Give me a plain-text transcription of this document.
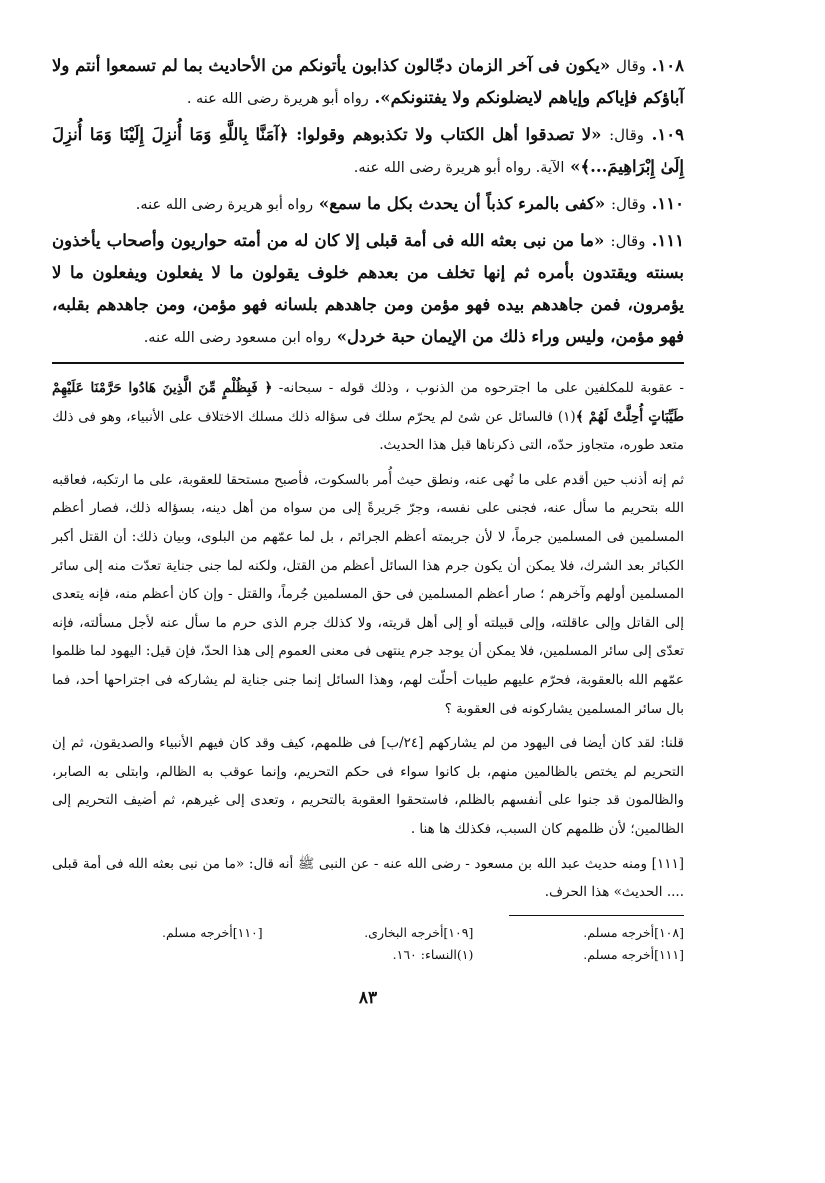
١٠٨. وقال «يكون فى آخر الزمان دجّالون كذابون يأتونكم من الأحاديث بما لم تسمعوا أنتم ولا آباؤكم فإياكم وإياهم لايضلونكم ولا يفتنونكم». رواه أبو هريرة رضى الله عنه .

١٠٩. وقال: «لا تصدقوا أهل الكتاب ولا تكذبوهم وقولوا: ﴿آمَنَّا بِاللَّهِ وَمَا أُنزِلَ إِلَيْنَا وَمَا أُنزِلَ إِلَىٰ إِبْرَاهِيمَ...﴾» الآية. رواه أبو هريرة رضى الله عنه.

١١٠. وقال: «كفى بالمرء كذباً أن يحدث بكل ما سمع» رواه أبو هريرة رضى الله عنه.

١١١. وقال: «ما من نبى بعثه الله فى أمة قبلى إلا كان له من أمته حواريون وأصحاب يأخذون بسنته ويقتدون بأمره ثم إنها تخلف من بعدهم خلوف يقولون ما لا يفعلون ويفعلون ما لا يؤمرون، فمن جاهدهم بيده فهو مؤمن ومن جاهدهم بلسانه فهو مؤمن، ومن جاهدهم بقلبه، فهو مؤمن، وليس وراء ذلك من الإيمان حبة خردل» رواه ابن مسعود رضى الله عنه.

- عقوبة للمكلفين على ما اجترحوه من الذنوب ، وذلك قوله - سبحانه- ﴿ فَبِظُلْمٍ مِّنَ الَّذِينَ هَادُوا حَرَّمْنَا عَلَيْهِمْ طَيِّبَاتٍ أُحِلَّتْ لَهُمْ ﴾(١) فالسائل عن شئ لم يحرّم سلك فى سؤاله ذلك مسلك الاختلاف على الأنبياء، وهو فى ذلك متعد طوره، متجاوز حدّه، التى ذكرناها قبل هذا الحديث.

ثم إنه أذنب حين أقدم على ما نُهى عنه، ونطق حيث أُمر بالسكوت، فأصبح مستحقا للعقوبة، على ما ارتكبه، فعاقبه الله بتحريم ما سأل عنه، فجنى على نفسه، وجرّ جَريرةً إلى من سواه من أهل دينه، بسؤاله ذلك، فصار أعظم المسلمين فى المسلمين جرماً، لا لأن جريمته أعظم الجرائم ، بل لما عمّهم من البلوى، وبيان ذلك: أن القتل أكبر الكبائر بعد الشرك، فلا يمكن أن يكون جرم هذا السائل أعظم من القتل، ولكنه لما جنى جناية تعدّت منه إلى سائر المسلمين أولهم وآخرهم ؛ صار أعظم المسلمين فى حق المسلمين جُرماً، والقتل - وإن كان أعظم منه، فإنه يتعدى إلى القاتل وإلى عاقلته، وإلى قبيلته أو إلى أهل قريته، ولا كذلك جرم الذى حرم ما سأل عنه لأجل مسألته، فإنه تعدّى إلى سائر المسلمين، فلا يمكن أن يوجد جرم ينتهى فى معنى العموم إلى هذا الحدّ، فإن قيل: اليهود لما ظلموا عمّهم الله بالعقوبة، فحرّم عليهم طيبات أحلّت لهم، وهذا السائل إنما جنى جناية لم يشاركه فى اجتراحها أحد، فما بال سائر المسلمين يشاركونه فى العقوبة ؟

قلنا: لقد كان أيضا فى اليهود من لم يشاركهم [٢٤/ب] فى ظلمهم، كيف وقد كان فيهم الأنبياء والصديقون، ثم إن التحريم لم يختص بالظالمين منهم، بل كانوا سواء فى حكم التحريم، وإنما عوقب به الظالم، وابتلى به الصابر، والظالمون قد جنوا على أنفسهم بالظلم، فاستحقوا العقوبة بالتحريم ، وتعدى إلى غيرهم، ثم أضيف التحريم إلى الظالمين؛ لأن ظلمهم كان السبب، فكذلك ها هنا .

[١١١] ومنه حديث عبد الله بن مسعود - رضى الله عنه - عن النبى ﷺ أنه قال: «ما من نبى بعثه الله فى أمة قبلى .... الحديث» هذا الحرف.

[١٠٨]أخرجه مسلم.
[١٠٩]أخرجه البخارى.
[١١٠]أخرجه مسلم.
[١١١]أخرجه مسلم.
(١)النساء: ١٦٠.
٨٣
